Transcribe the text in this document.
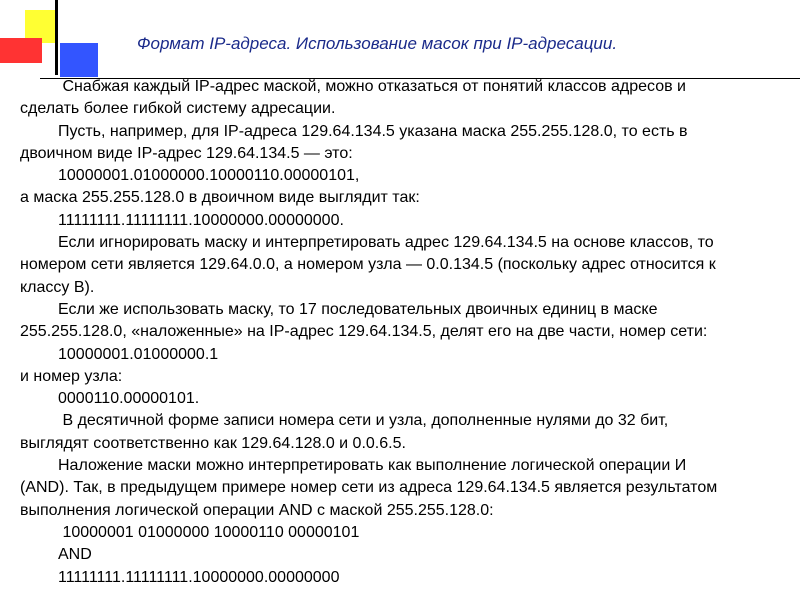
Формат IP-адреса. Использование масок при IP-адресации.
Снабжая каждый IP-адрес маской, можно отказаться от понятий классов адресов и
сделать более гибкой систему адресации.
Пусть, например, для IP-адреса 129.64.134.5 указана маска 255.255.128.0, то есть в
двоичном виде IP-адрес 129.64.134.5 — это:
10000001.01000000.10000110.00000101,
а маска 255.255.128.0 в двоичном виде выглядит так:
11111111.11111111.10000000.00000000.
Если игнорировать маску и интерпретировать адрес 129.64.134.5 на основе классов, то
номером сети является 129.64.0.0, а номером узла — 0.0.134.5 (поскольку адрес относится к
классу В).
Если же использовать маску, то 17 последовательных двоичных единиц в маске
255.255.128.0, «наложенные» на IP-адрес 129.64.134.5, делят его на две части, номер сети:
10000001.01000000.1
и номер узла:
0000110.00000101.
В десятичной форме записи номера сети и узла, дополненные нулями до 32 бит,
выглядят соответственно как 129.64.128.0 и 0.0.6.5.
Наложение маски можно интерпретировать как выполнение логической операции И
(AND). Так, в предыдущем примере номер сети из адреса 129.64.134.5 является результатом
выполнения логической операции AND с маской 255.255.128.0:
10000001 01000000 10000110 00000101
AND
11111111.11111111.10000000.00000000
